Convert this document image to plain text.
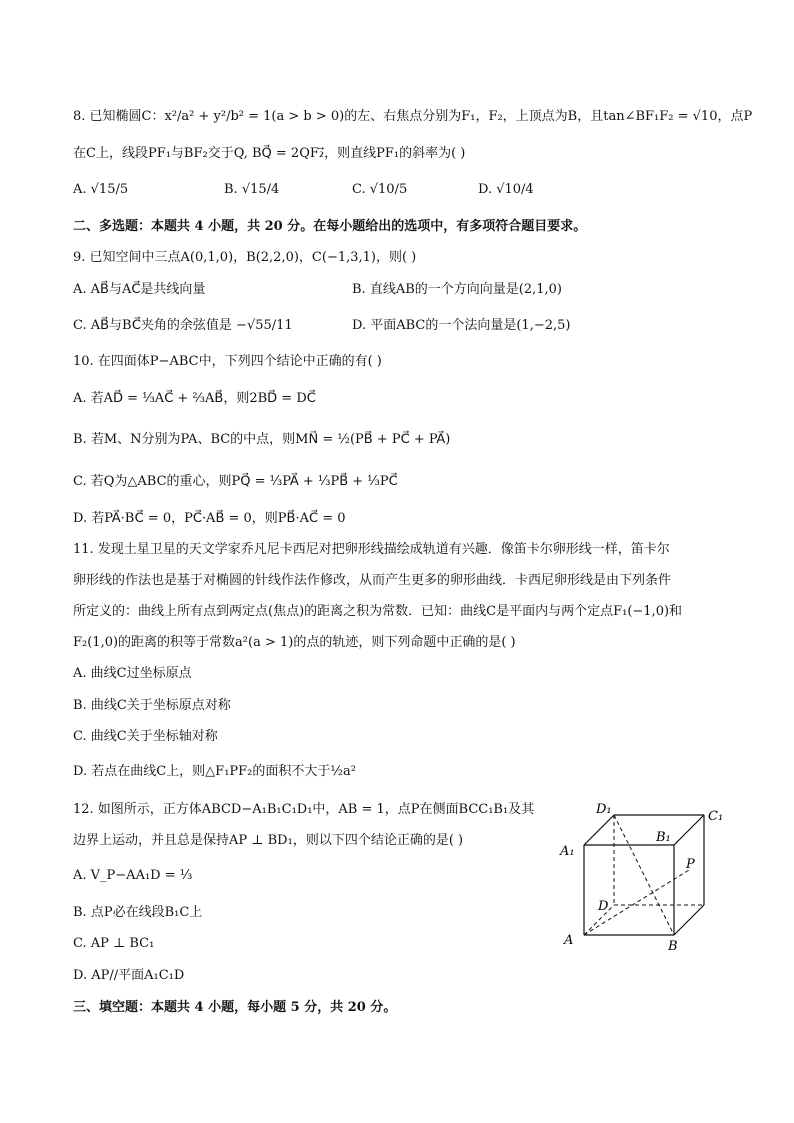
8. 已知椭圆C：x²/a² + y²/b² = 1(a > b > 0)的左、右焦点分别为F₁，F₂，上顶点为B，且tan∠BF₁F₂ = √10，点P
在C上，线段PF₁与BF₂交于Q, BQ⃗ = 2QF₂⃗，则直线PF₁的斜率为( )
A. √15/5	B. √15/4	C. √10/5	D. √10/4
二、多选题：本题共 4 小题，共 20 分。在每小题给出的选项中，有多项符合题目要求。
9. 已知空间中三点A(0,1,0)，B(2,2,0)，C(−1,3,1)，则( )
A. AB⃗与AC⃗是共线向量	B. 直线AB的一个方向向量是(2,1,0)
C. AB⃗与BC⃗夹角的余弦值是 −√55/11	D. 平面ABC的一个法向量是(1,−2,5)
10. 在四面体P−ABC中，下列四个结论中正确的有( )
A. 若AD⃗ = ⅓AC⃗ + ⅔AB⃗，则2BD⃗ = DC⃗
B. 若M、N分别为PA、BC的中点，则MN⃗ = ½(PB⃗ + PC⃗ + PA⃗)
C. 若Q为△ABC的重心，则PQ⃗ = ⅓PA⃗ + ⅓PB⃗ + ⅓PC⃗
D. 若PA⃗·BC⃗ = 0，PC⃗·AB⃗ = 0，则PB⃗·AC⃗ = 0
11. 发现土星卫星的天文学家乔凡尼卡西尼对把卵形线描绘成轨道有兴趣．像笛卡尔卵形线一样，笛卡尔
卵形线的作法也是基于对椭圆的针线作法作修改，从而产生更多的卵形曲线．卡西尼卵形线是由下列条件
所定义的：曲线上所有点到两定点(焦点)的距离之积为常数．已知：曲线C是平面内与两个定点F₁(−1,0)和
F₂(1,0)的距离的积等于常数a²(a > 1)的点的轨迹，则下列命题中正确的是( )
A. 曲线C过坐标原点
B. 曲线C关于坐标原点对称
C. 曲线C关于坐标轴对称
D. 若点在曲线C上，则△F₁PF₂的面积不大于½a²
12. 如图所示，正方体ABCD−A₁B₁C₁D₁中，AB = 1，点P在侧面BCC₁B₁及其
边界上运动，并且总是保持AP ⊥ BD₁，则以下四个结论正确的是( )
A. V_P−AA₁D = ⅓
B. 点P必在线段B₁C上
C. AP ⊥ BC₁
D. AP//平面A₁C₁D
D₁	C₁
B₁
A₁
P
D
A	B
三、填空题：本题共 4 小题，每小题 5 分，共 20 分。
